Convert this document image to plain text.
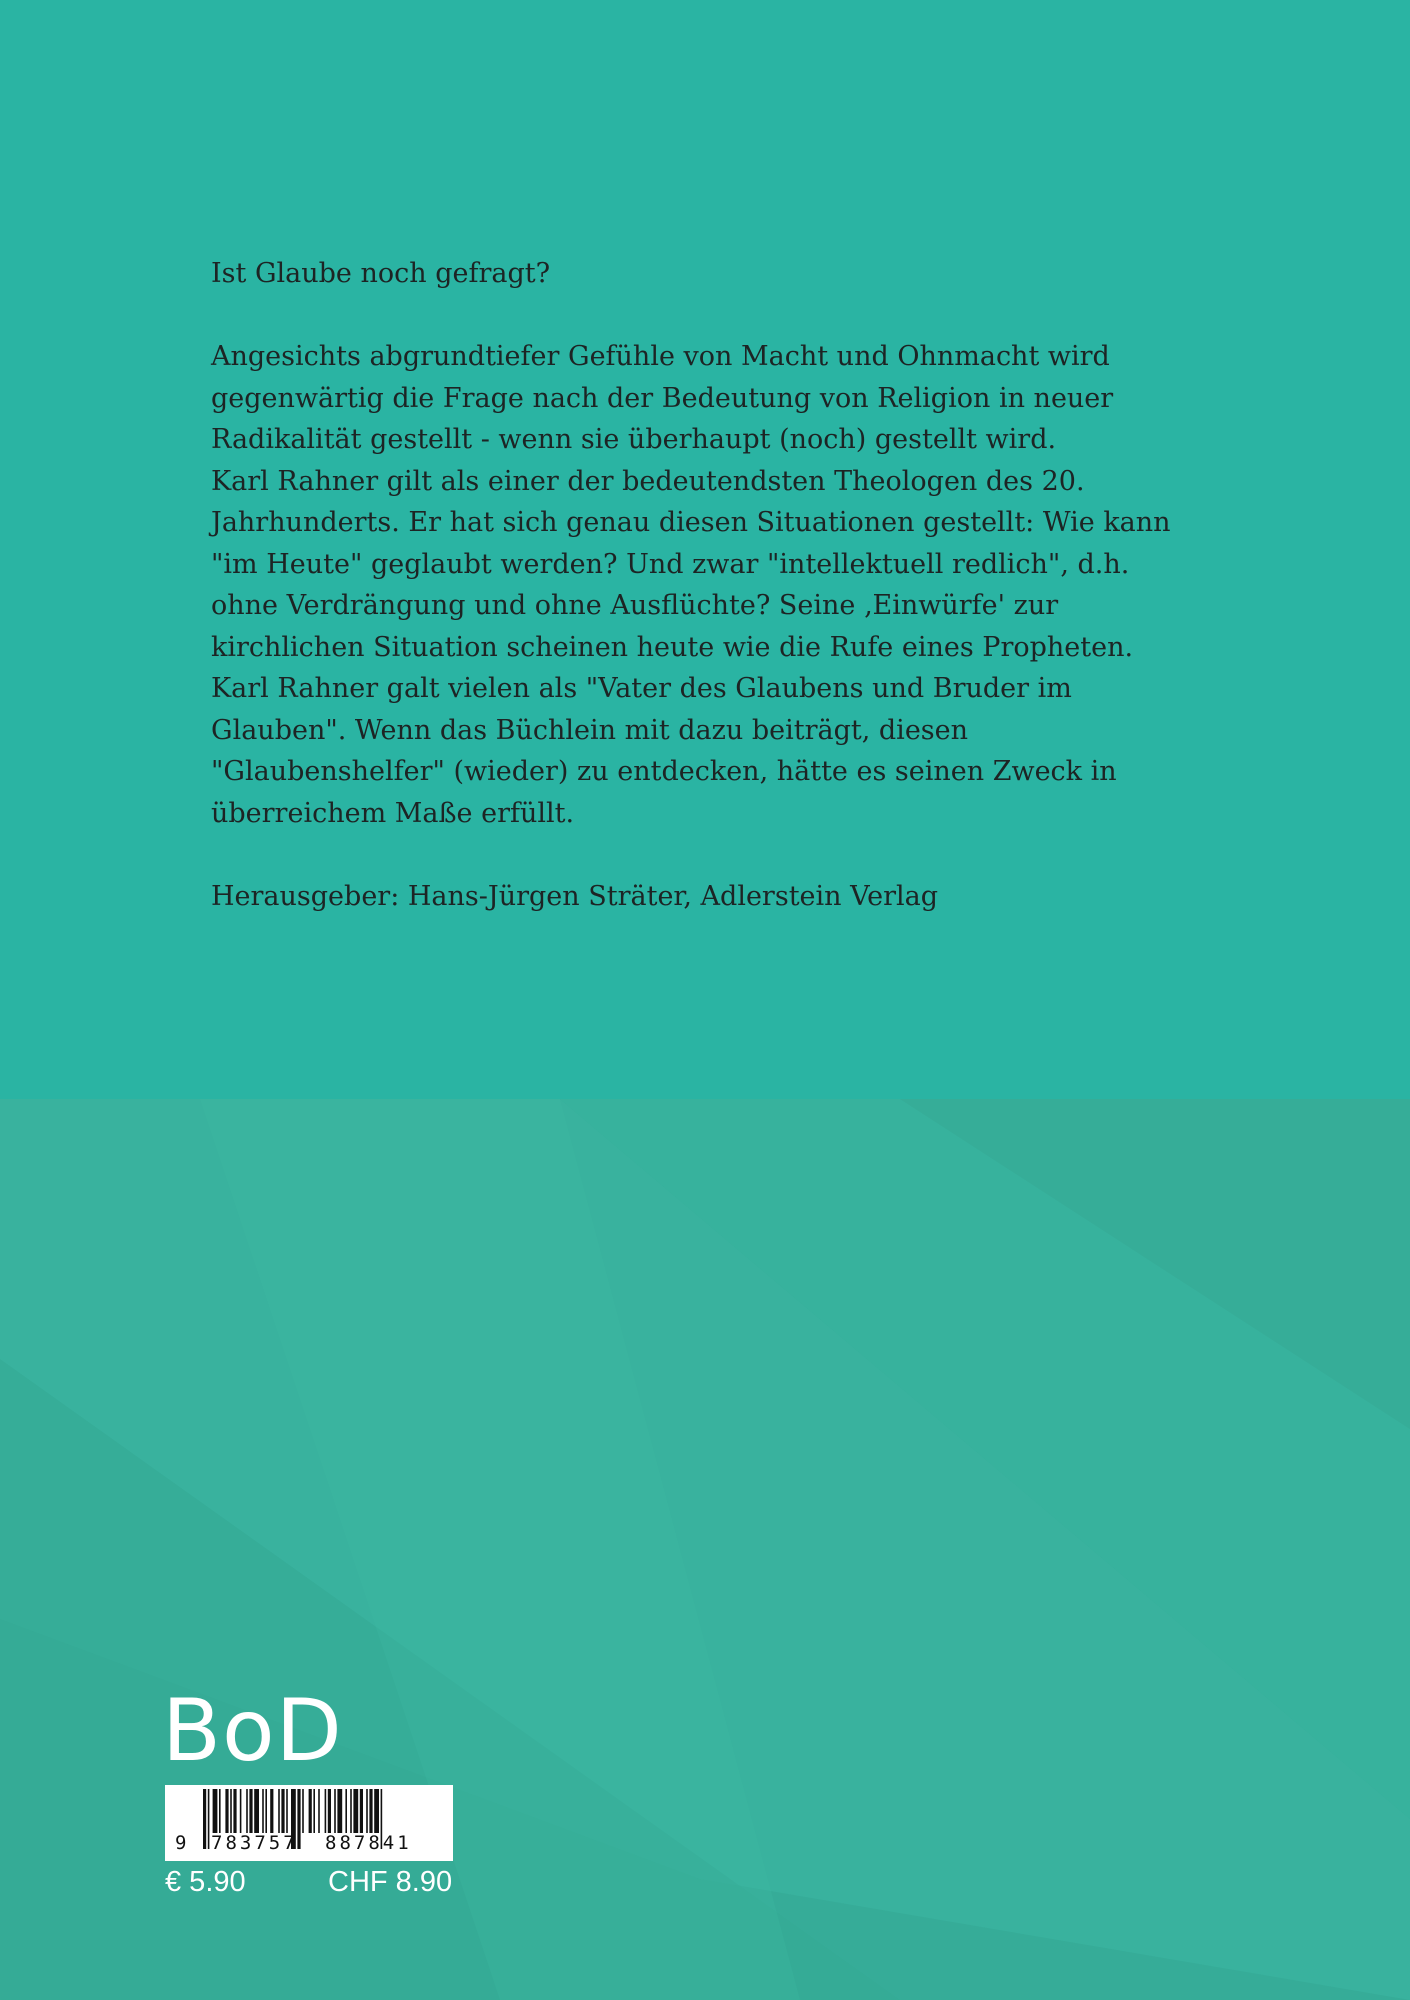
Ist Glaube noch gefragt?

Angesichts abgrundtiefer Gefühle von Macht und Ohnmacht wird gegenwärtig die Frage nach der Bedeutung von Religion in neuer Radikalität gestellt - wenn sie überhaupt (noch) gestellt wird.

Karl Rahner gilt als einer der bedeutendsten Theologen des 20. Jahrhunderts. Er hat sich genau diesen Situationen gestellt: Wie kann "im Heute" geglaubt werden? Und zwar "intellektuell redlich", d.h. ohne Verdrängung und ohne Ausflüchte? Seine ‚Einwürfe' zur kirchlichen Situation scheinen heute wie die Rufe eines Propheten.

Karl Rahner galt vielen als "Vater des Glaubens und Bruder im Glauben". Wenn das Büchlein mit dazu beiträgt, diesen "Glaubenshelfer" (wieder) zu entdecken, hätte es seinen Zweck in überreichem Maße erfüllt.

Herausgeber: Hans-Jürgen Sträter, Adlerstein Verlag

BoD
9 783757 887841
€ 5.90	CHF 8.90
